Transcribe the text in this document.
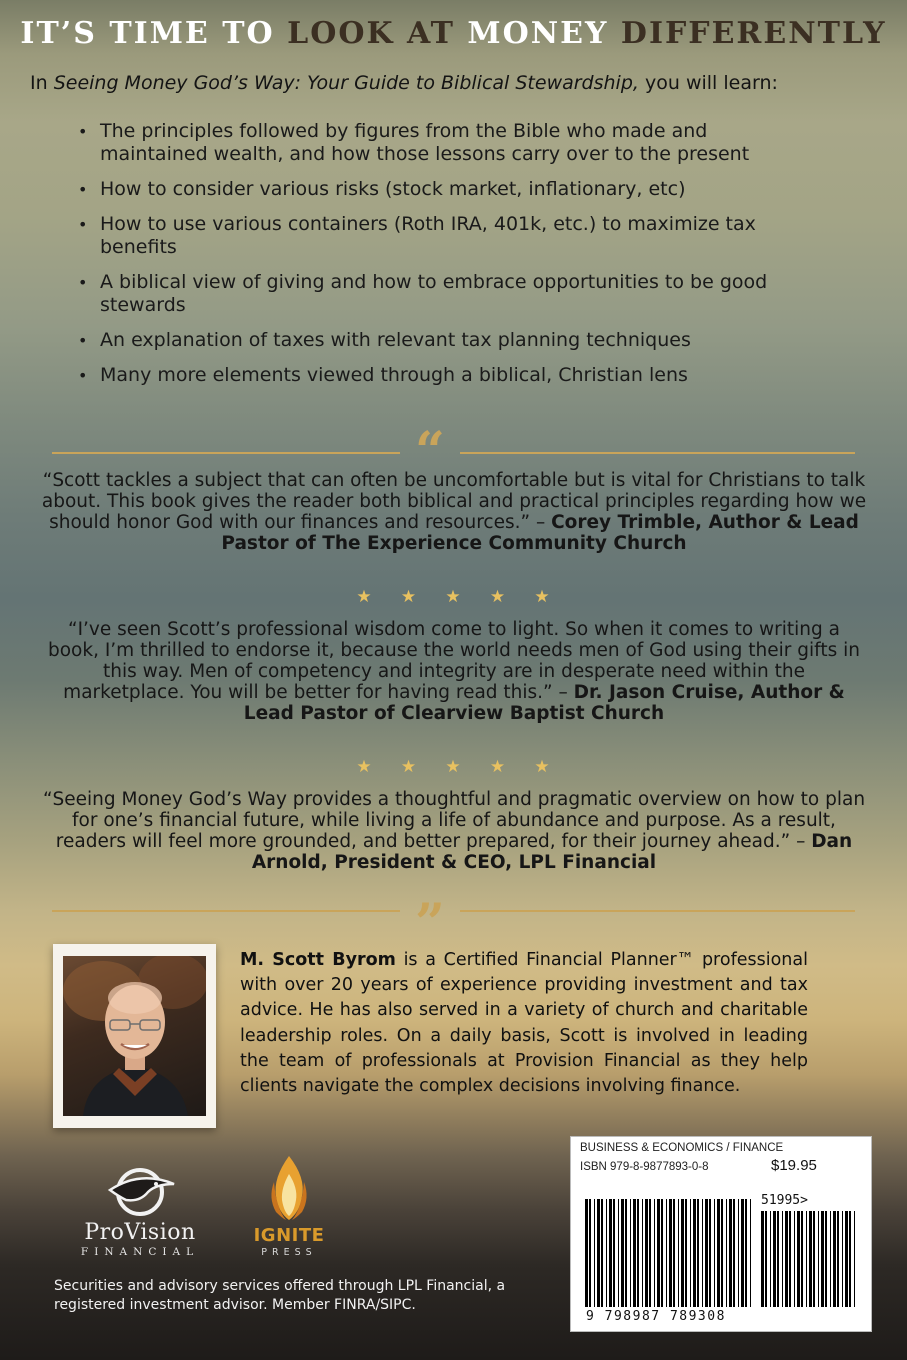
IT’S TIME TO LOOK AT MONEY DIFFERENTLY
In Seeing Money God’s Way: Your Guide to Biblical Stewardship, you will learn:
• The principles followed by figures from the Bible who made and maintained wealth, and how those lessons carry over to the present
• How to consider various risks (stock market, inflationary, etc)
• How to use various containers (Roth IRA, 401k, etc.) to maximize tax benefits
• A biblical view of giving and how to embrace opportunities to be good stewards
• An explanation of taxes with relevant tax planning techniques
• Many more elements viewed through a biblical, Christian lens
“
“Scott tackles a subject that can often be uncomfortable but is vital for Christians to talk about. This book gives the reader both biblical and practical principles regarding how we should honor God with our finances and resources.” – Corey Trimble, Author & Lead Pastor of The Experience Community Church
★ ★ ★ ★ ★
“I’ve seen Scott’s professional wisdom come to light. So when it comes to writing a book, I’m thrilled to endorse it, because the world needs men of God using their gifts in this way. Men of competency and integrity are in desperate need within the marketplace. You will be better for having read this.” – Dr. Jason Cruise, Author & Lead Pastor of Clearview Baptist Church
★ ★ ★ ★ ★
“Seeing Money God’s Way provides a thoughtful and pragmatic overview on how to plan for one’s financial future, while living a life of abundance and purpose. As a result, readers will feel more grounded, and better prepared, for their journey ahead.” – Dan Arnold, President & CEO, LPL Financial
”
M. Scott Byrom is a Certified Financial Planner™ professional with over 20 years of experience providing investment and tax advice. He has also served in a variety of church and charitable leadership roles. On a daily basis, Scott is involved in leading the team of professionals at Provision Financial as they help clients navigate the complex decisions involving finance.
ProVision
FINANCIAL
IGNITE
PRESS
Securities and advisory services offered through LPL Financial, a registered investment advisor. Member FINRA/SIPC.
BUSINESS & ECONOMICS / FINANCE
ISBN 979-8-9877893-0-8	$19.95
51995>
9 798987 789308
